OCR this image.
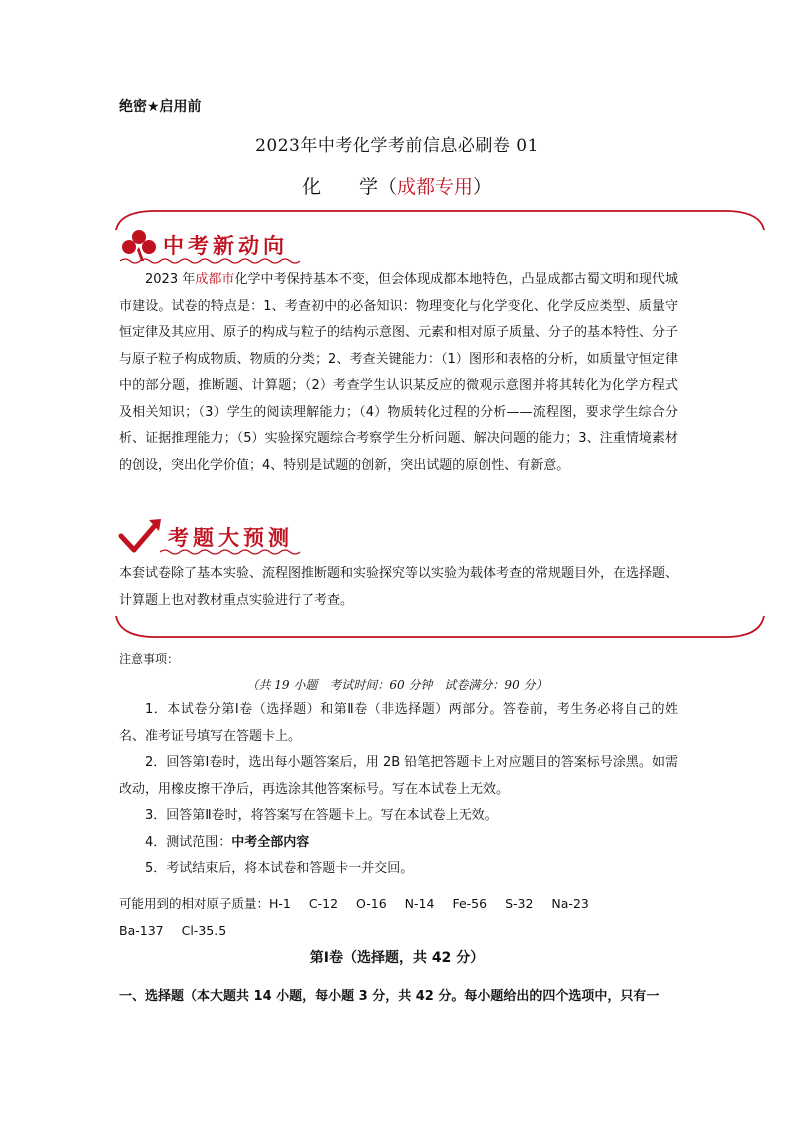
绝密★启用前
2023年中考化学考前信息必刷卷 01
化 学（成都专用）
中考新动向

2023 年成都市化学中考保持基本不变，但会体现成都本地特色，凸显成都古蜀文明和现代城市建设。试卷的特点是：1、考查初中的必备知识：物理变化与化学变化、化学反应类型、质量守恒定律及其应用、原子的构成与粒子的结构示意图、元素和相对原子质量、分子的基本特性、分子与原子粒子构成物质、物质的分类；2、考查关键能力：（1）图形和表格的分析，如质量守恒定律中的部分题，推断题、计算题；（2）考查学生认识某反应的微观示意图并将其转化为化学方程式及相关知识；（3）学生的阅读理解能力；（4）物质转化过程的分析——流程图，要求学生综合分析、证据推理能力；（5）实验探究题综合考察学生分析问题、解决问题的能力；3、注重情境素材的创设，突出化学价值；4、特别是试题的创新，突出试题的原创性、有新意。

考题大预测

本套试卷除了基本实验、流程图推断题和实验探究等以实验为载体考查的常规题目外，在选择题、计算题上也对教材重点实验进行了考查。

注意事项：
（共 19 小题　考试时间：60 分钟　试卷满分：90 分）

1．本试卷分第Ⅰ卷（选择题）和第Ⅱ卷（非选择题）两部分。答卷前，考生务必将自己的姓名、准考证号填写在答题卡上。

2．回答第Ⅰ卷时，选出每小题答案后，用 2B 铅笔把答题卡上对应题目的答案标号涂黑。如需改动，用橡皮擦干净后，再选涂其他答案标号。写在本试卷上无效。

3．回答第Ⅱ卷时，将答案写在答题卡上。写在本试卷上无效。

4．测试范围：中考全部内容

5．考试结束后，将本试卷和答题卡一并交回。

可能用到的相对原子质量：H-1 C-12 O-16 N-14 Fe-56 S-32 Na-23
Ba-137 Cl-35.5
第Ⅰ卷（选择题，共 42 分）
一、选择题（本大题共 14 小题，每小题 3 分，共 42 分。每小题给出的四个选项中，只有一
